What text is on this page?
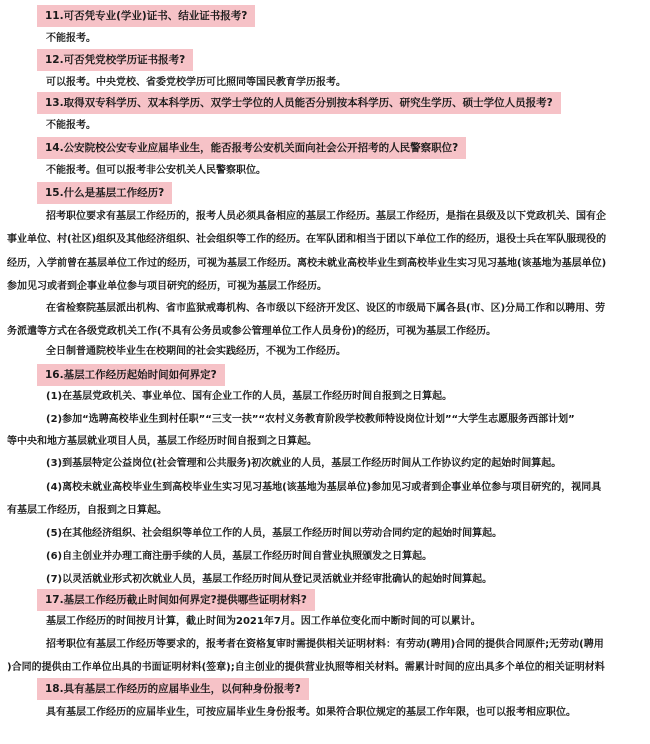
11.可否凭专业(学业)证书、结业证书报考?
不能报考。
12.可否凭党校学历证书报考?
可以报考。中央党校、省委党校学历可比照同等国民教育学历报考。
13.取得双专科学历、双本科学历、双学士学位的人员能否分别按本科学历、研究生学历、硕士学位人员报考?
不能报考。
14.公安院校公安专业应届毕业生，能否报考公安机关面向社会公开招考的人民警察职位?
不能报考。但可以报考非公安机关人民警察职位。
15.什么是基层工作经历?
招考职位要求有基层工作经历的，报考人员必须具备相应的基层工作经历。基层工作经历，是指在县级及以下党政机关、国有企
事业单位、村(社区)组织及其他经济组织、社会组织等工作的经历。在军队团和相当于团以下单位工作的经历，退役士兵在军队服现役的
经历，入学前曾在基层单位工作过的经历，可视为基层工作经历。离校未就业高校毕业生到高校毕业生实习见习基地(该基地为基层单位)
参加见习或者到企事业单位参与项目研究的经历，可视为基层工作经历。
在省检察院基层派出机构、省市监狱戒毒机构、各市级以下经济开发区、设区的市级局下属各县(市、区)分局工作和以聘用、劳
务派遣等方式在各级党政机关工作(不具有公务员或参公管理单位工作人员身份)的经历，可视为基层工作经历。
全日制普通院校毕业生在校期间的社会实践经历，不视为工作经历。
16.基层工作经历起始时间如何界定?
(1)在基层党政机关、事业单位、国有企业工作的人员，基层工作经历时间自报到之日算起。
(2)参加“选聘高校毕业生到村任职”“三支一扶”“农村义务教育阶段学校教师特设岗位计划”“大学生志愿服务西部计划”
等中央和地方基层就业项目人员，基层工作经历时间自报到之日算起。
(3)到基层特定公益岗位(社会管理和公共服务)初次就业的人员，基层工作经历时间从工作协议约定的起始时间算起。
(4)离校未就业高校毕业生到高校毕业生实习见习基地(该基地为基层单位)参加见习或者到企事业单位参与项目研究的，视同具
有基层工作经历，自报到之日算起。
(5)在其他经济组织、社会组织等单位工作的人员，基层工作经历时间以劳动合同约定的起始时间算起。
(6)自主创业并办理工商注册手续的人员，基层工作经历时间自营业执照颁发之日算起。
(7)以灵活就业形式初次就业人员，基层工作经历时间从登记灵活就业并经审批确认的起始时间算起。
17.基层工作经历截止时间如何界定?提供哪些证明材料?
基层工作经历的时间按月计算，截止时间为2021年7月。因工作单位变化而中断时间的可以累计。
招考职位有基层工作经历等要求的，报考者在资格复审时需提供相关证明材料：有劳动(聘用)合同的提供合同原件;无劳动(聘用
)合同的提供由工作单位出具的书面证明材料(签章);自主创业的提供营业执照等相关材料。需累计时间的应出具多个单位的相关证明材料
18.具有基层工作经历的应届毕业生，以何种身份报考?
具有基层工作经历的应届毕业生，可按应届毕业生身份报考。如果符合职位规定的基层工作年限，也可以报考相应职位。
